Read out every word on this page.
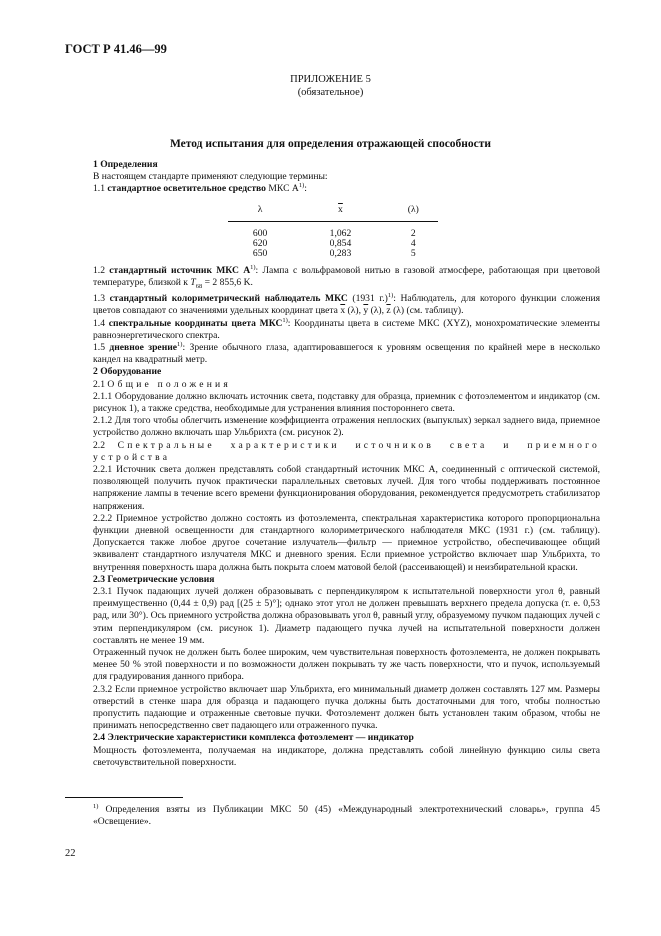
ГОСТ Р 41.46—99
ПРИЛОЖЕНИЕ 5
(обязательное)
Метод испытания для определения отражающей способности

1 Определения

В настоящем стандарте применяют следующие термины:

1.1 стандартное осветительное средство МКС $А^{1)}$:

λ	$\overline{x}$	(λ)
600	1,062	2
620	0,854	4
650	0,283	5

1.2 стандартный источник МКС $А^{1)}$: Лампа с вольфрамовой нитью в газовой атмосфере, работающая при цветовой температуре, близкой к $T_{68} = 2$ 855,6 K.

1.3 стандартный колориметрический наблюдатель МКС (1931 г.)$^{1)}$: Наблюдатель, для которого функции сложения цветов совпадают со значениями удельных координат цвета $\overline{x}$ (λ), $\overline{y}$ (λ), $\overline{z}$ (λ) (см. таблицу).

1.4 спектральные координаты цвета МКС$^{1)}$: Координаты цвета в системе МКС (XYZ), монохроматические элементы равноэнергетического спектра.

1.5 дневное зрение$^{1)}$: Зрение обычного глаза, адаптировавшегося к уровням освещения по крайней мере в несколько кандел на квадратный метр.

2 Оборудование

2.1 Общие положения

2.1.1 Оборудование должно включать источник света, подставку для образца, приемник с фотоэлементом и индикатор (см. рисунок 1), а также средства, необходимые для устранения влияния постороннего света.

2.1.2 Для того чтобы облегчить изменение коэффициента отражения неплоских (выпуклых) зеркал заднего вида, приемное устройство должно включать шар Ульбрихта (см. рисунок 2).

2.2 Спектральные характеристики источников света и приемного устройства

2.2.1 Источник света должен представлять собой стандартный источник МКС А, соединенный с оптической системой, позволяющей получить пучок практически параллельных световых лучей. Для того чтобы поддерживать постоянное напряжение лампы в течение всего времени функционирования оборудования, рекомендуется предусмотреть стабилизатор напряжения.

2.2.2 Приемное устройство должно состоять из фотоэлемента, спектральная характеристика которого пропорциональна функции дневной освещенности для стандартного колориметрического наблюдателя МКС (1931 г.) (см. таблицу). Допускается также любое другое сочетание излучатель—фильтр — приемное устройство, обеспечивающее общий эквивалент стандартного излучателя МКС и дневного зрения. Если приемное устройство включает шар Ульбрихта, то внутренняя поверхность шара должна быть покрыта слоем матовой белой (рассеивающей) и неизбирательной краски.

2.3 Геометрические условия

2.3.1 Пучок падающих лучей должен образовывать с перпендикуляром к испытательной поверхности угол θ, равный преимущественно (0,44 ± 0,9) рад [(25 ± 5)°]; однако этот угол не должен превышать верхнего предела допуска (т. е. 0,53 рад, или 30°). Ось приемного устройства должна образовывать угол θ, равный углу, образуемому пучком падающих лучей с этим перпендикуляром (см. рисунок 1). Диаметр падающего пучка лучей на испытательной поверхности должен составлять не менее 19 мм.

Отраженный пучок не должен быть более широким, чем чувствительная поверхность фотоэлемента, не должен покрывать менее 50 % этой поверхности и по возможности должен покрывать ту же часть поверхности, что и пучок, используемый для градуирования данного прибора.

2.3.2 Если приемное устройство включает шар Ульбрихта, его минимальный диаметр должен составлять 127 мм. Размеры отверстий в стенке шара для образца и падающего пучка должны быть достаточными для того, чтобы полностью пропустить падающие и отраженные световые пучки. Фотоэлемент должен быть установлен таким образом, чтобы не принимать непосредственно свет падающего или отраженного пучка.

2.4 Электрические характеристики комплекса фотоэлемент — индикатор

Мощность фотоэлемента, получаемая на индикаторе, должна представлять собой линейную функцию силы света светочувствительной поверхности.

$^{1)}$ Определения взяты из Публикации МКС 50 (45) «Международный электротехнический словарь», группа 45 «Освещение».
22
